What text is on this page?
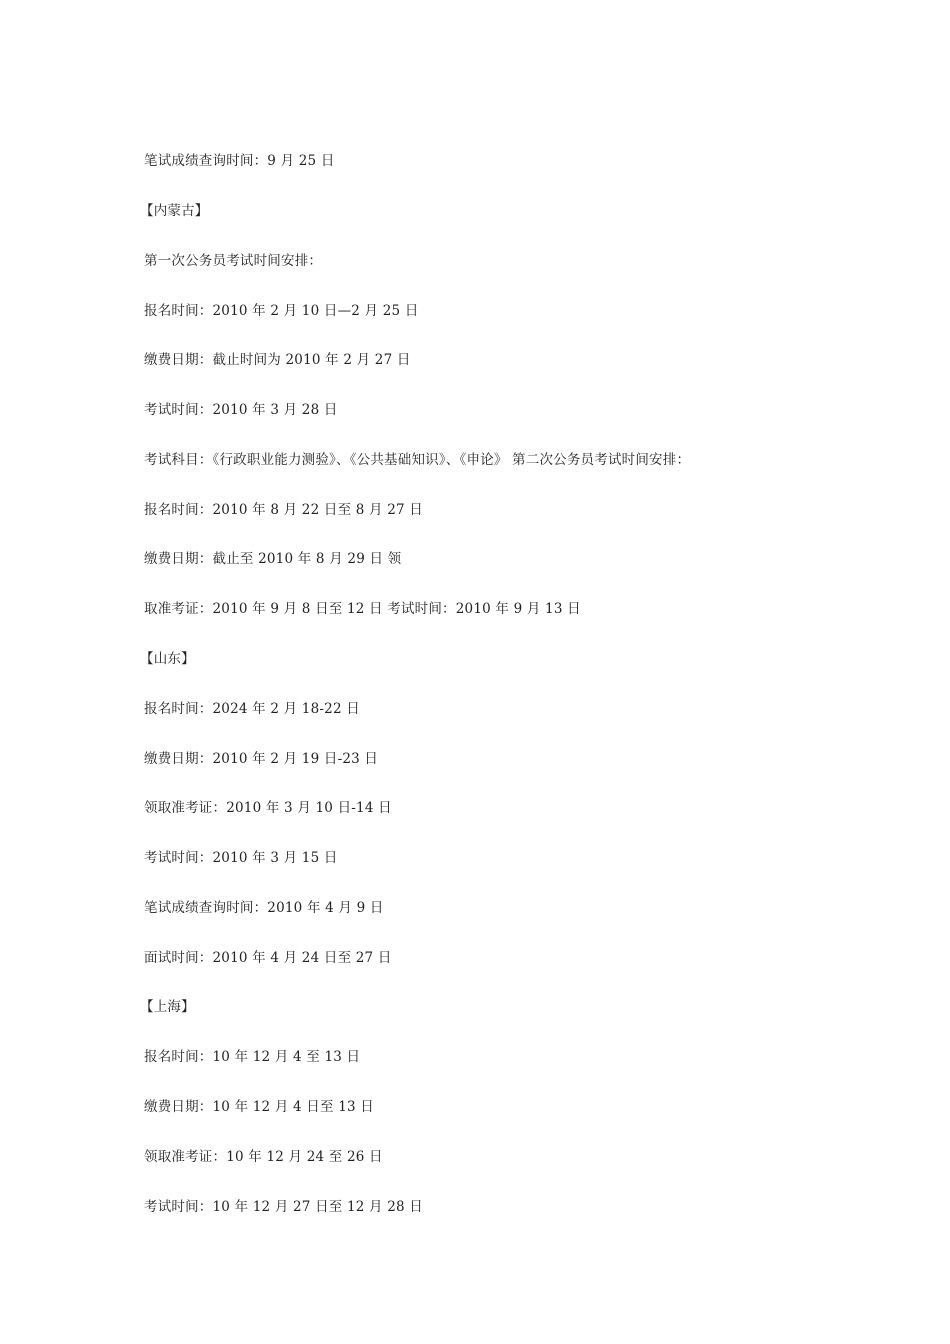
笔试成绩查询时间：9 月 25 日
【内蒙古】
第一次公务员考试时间安排：
报名时间：2010 年 2 月 10 日—2 月 25 日
缴费日期：截止时间为 2010 年 2 月 27 日
考试时间：2010 年 3 月 28 日
考试科目：《行政职业能力测验》、《公共基础知识》、《申论》 第二次公务员考试时间安排：
报名时间：2010 年 8 月 22 日至 8 月 27 日
缴费日期：截止至 2010 年 8 月 29 日 领
取准考证：2010 年 9 月 8 日至 12 日 考试时间：2010 年 9 月 13 日
【山东】
报名时间：2024 年 2 月 18-22 日
缴费日期：2010 年 2 月 19 日-23 日
领取准考证：2010 年 3 月 10 日-14 日
考试时间：2010 年 3 月 15 日
笔试成绩查询时间：2010 年 4 月 9 日
面试时间：2010 年 4 月 24 日至 27 日
【上海】
报名时间：10 年 12 月 4 至 13 日
缴费日期：10 年 12 月 4 日至 13 日
领取准考证：10 年 12 月 24 至 26 日
考试时间：10 年 12 月 27 日至 12 月 28 日
